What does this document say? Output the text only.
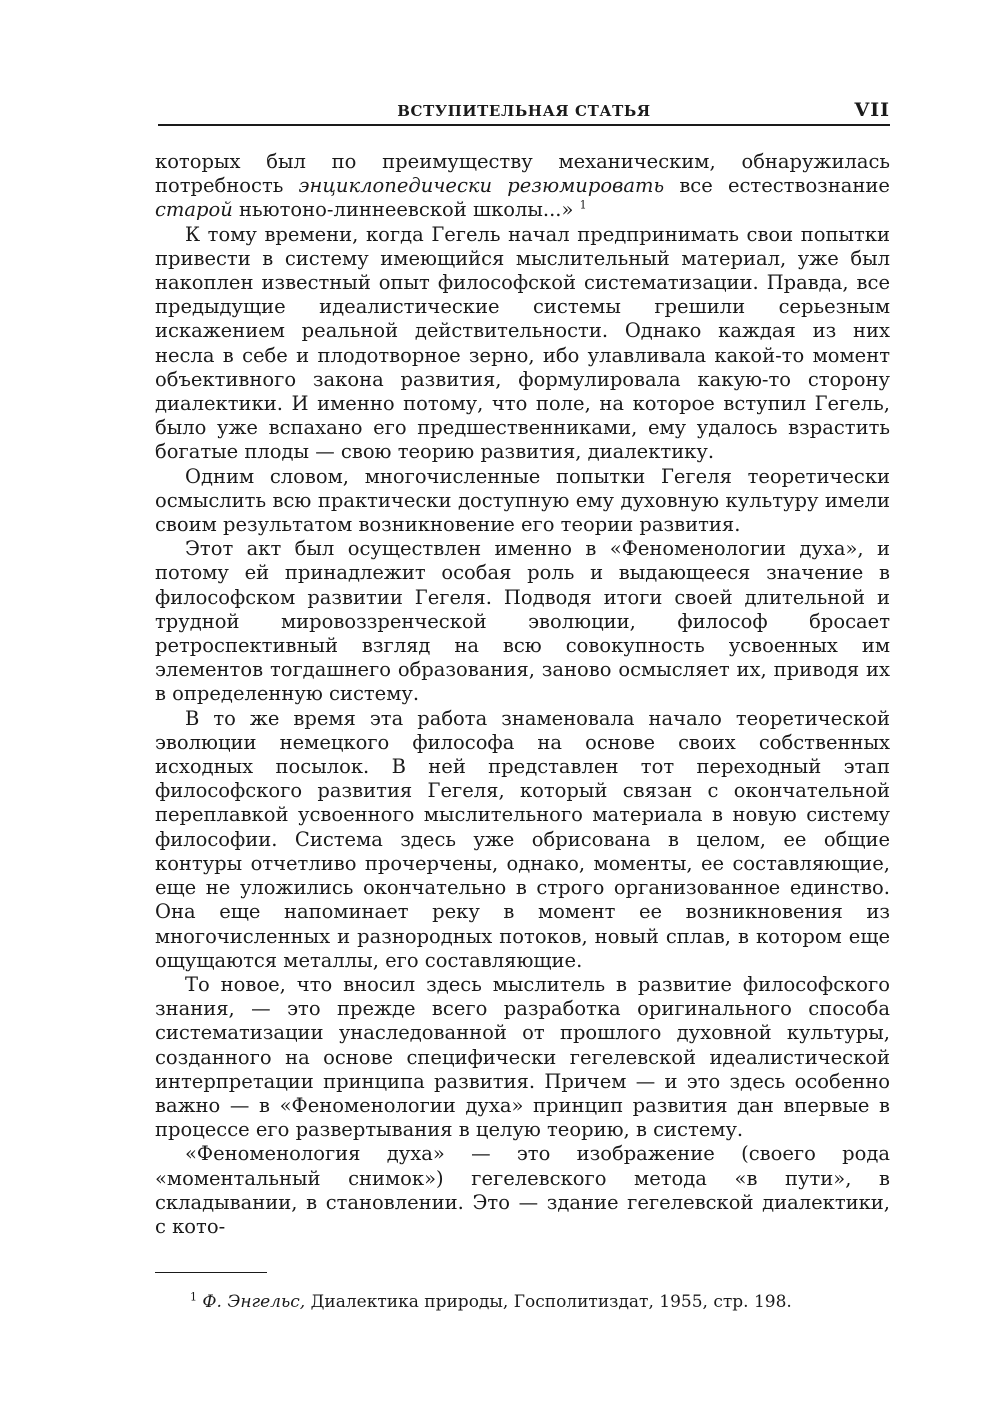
ВСТУПИТЕЛЬНАЯ СТАТЬЯ	VII

которых был по преимуществу механическим, обнаружилась потребность энциклопедически резюмировать все естествознание старой ньютоно-линнеевской школы...» $^1$

К тому времени, когда Гегель начал предпринимать свои попытки привести в систему имеющийся мыслительный материал, уже был накоплен известный опыт философской систематизации. Правда, все предыдущие идеалистические системы грешили серьезным искажением реальной действительности. Однако каждая из них несла в себе и плодотворное зерно, ибо улавливала какой-то момент объективного закона развития, формулировала какую-то сторону диалектики. И именно потому, что поле, на которое вступил Гегель, было уже вспахано его предшественниками, ему удалось взрастить богатые плоды — свою теорию развития, диалектику.

Одним словом, многочисленные попытки Гегеля теоретически осмыслить всю практически доступную ему духовную культуру имели своим результатом возникновение его теории развития.

Этот акт был осуществлен именно в «Феноменологии духа», и потому ей принадлежит особая роль и выдающееся значение в философском развитии Гегеля. Подводя итоги своей длительной и трудной мировоззренческой эволюции, философ бросает ретроспективный взгляд на всю совокупность усвоенных им элементов тогдашнего образования, заново осмысляет их, приводя их в определенную систему.

В то же время эта работа знаменовала начало теоретической эволюции немецкого философа на основе своих собственных исходных посылок. В ней представлен тот переходный этап философского развития Гегеля, который связан с окончательной переплавкой усвоенного мыслительного материала в новую систему философии. Система здесь уже обрисована в целом, ее общие контуры отчетливо прочерчены, однако, моменты, ее составляющие, еще не уложились окончательно в строго организованное единство. Она еще напоминает реку в момент ее возникновения из многочисленных и разнородных потоков, новый сплав, в котором еще ощущаются металлы, его составляющие.

То новое, что вносил здесь мыслитель в развитие философского знания, — это прежде всего разработка оригинального способа систематизации унаследованной от прошлого духовной культуры, созданного на основе специфически гегелевской идеалистической интерпретации принципа развития. Причем — и это здесь особенно важно — в «Феноменологии духа» принцип развития дан впервые в процессе его развертывания в целую теорию, в систему.

«Феноменология духа» — это изображение (своего рода «моментальный снимок») гегелевского метода «в пути», в складывании, в становлении. Это — здание гегелевской диалектики, с кото-

$^1$ Ф. Энгельс, Диалектика природы, Госполитиздат, 1955, стр. 198.
